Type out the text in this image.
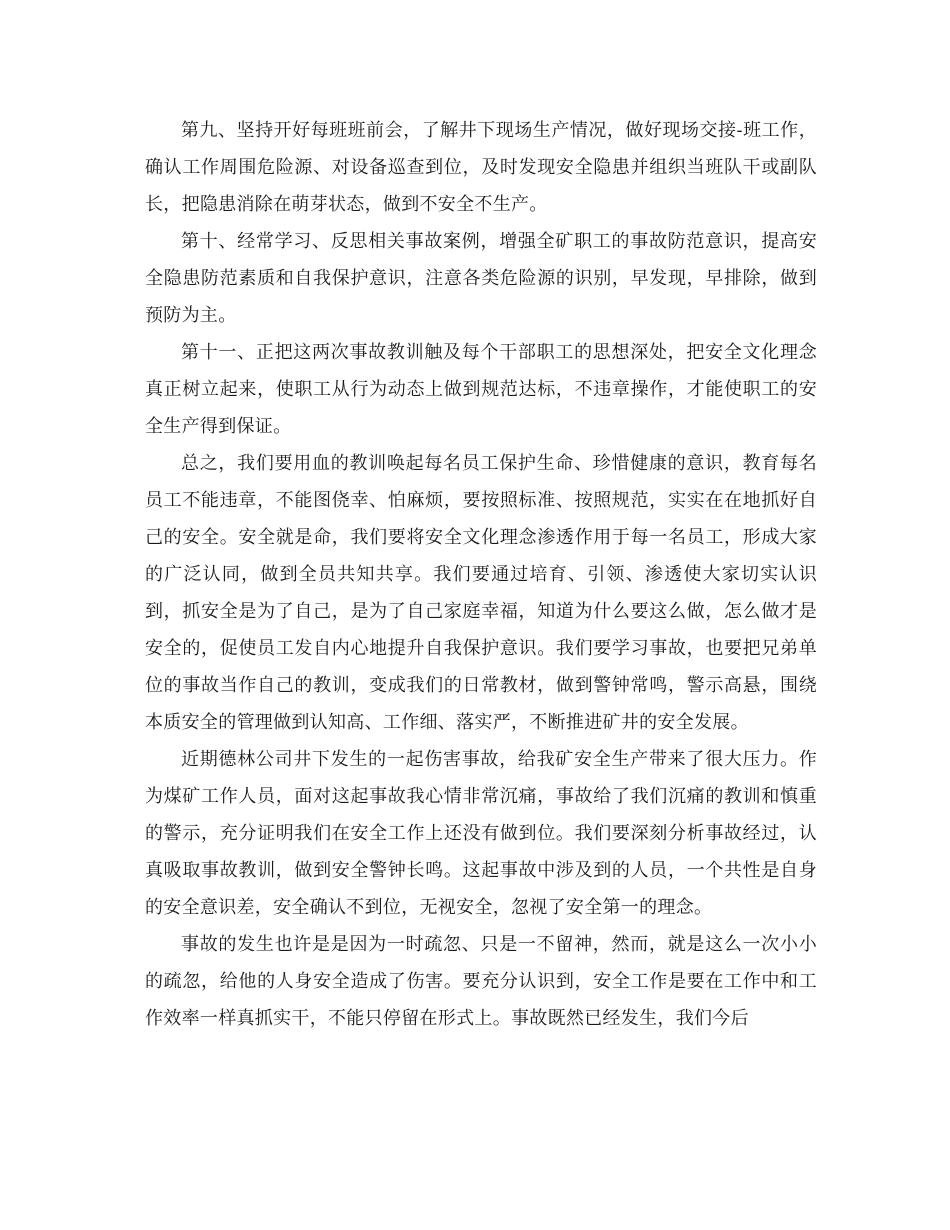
第九、坚持开好每班班前会，了解井下现场生产情况，做好现场交接-班工作，确认工作周围危险源、对设备巡查到位，及时发现安全隐患并组织当班队干或副队长，把隐患消除在萌芽状态，做到不安全不生产。

第十、经常学习、反思相关事故案例，增强全矿职工的事故防范意识，提高安全隐患防范素质和自我保护意识，注意各类危险源的识别，早发现，早排除，做到预防为主。

第十一、正把这两次事故教训触及每个干部职工的思想深处，把安全文化理念真正树立起来，使职工从行为动态上做到规范达标，不违章操作，才能使职工的安全生产得到保证。

总之，我们要用血的教训唤起每名员工保护生命、珍惜健康的意识，教育每名员工不能违章，不能图侥幸、怕麻烦，要按照标准、按照规范，实实在在地抓好自己的安全。安全就是命，我们要将安全文化理念渗透作用于每一名员工，形成大家的广泛认同，做到全员共知共享。我们要通过培育、引领、渗透使大家切实认识到，抓安全是为了自己，是为了自己家庭幸福，知道为什么要这么做，怎么做才是安全的，促使员工发自内心地提升自我保护意识。我们要学习事故，也要把兄弟单位的事故当作自己的教训，变成我们的日常教材，做到警钟常鸣，警示高悬，围绕本质安全的管理做到认知高、工作细、落实严，不断推进矿井的安全发展。

近期德林公司井下发生的一起伤害事故，给我矿安全生产带来了很大压力。作为煤矿工作人员，面对这起事故我心情非常沉痛，事故给了我们沉痛的教训和慎重的警示，充分证明我们在安全工作上还没有做到位。我们要深刻分析事故经过，认真吸取事故教训，做到安全警钟长鸣。这起事故中涉及到的人员，一个共性是自身的安全意识差，安全确认不到位，无视安全，忽视了安全第一的理念。

事故的发生也许是是因为一时疏忽、只是一不留神，然而，就是这么一次小小的疏忽，给他的人身安全造成了伤害。要充分认识到，安全工作是要在工作中和工作效率一样真抓实干，不能只停留在形式上。事故既然已经发生，我们今后
